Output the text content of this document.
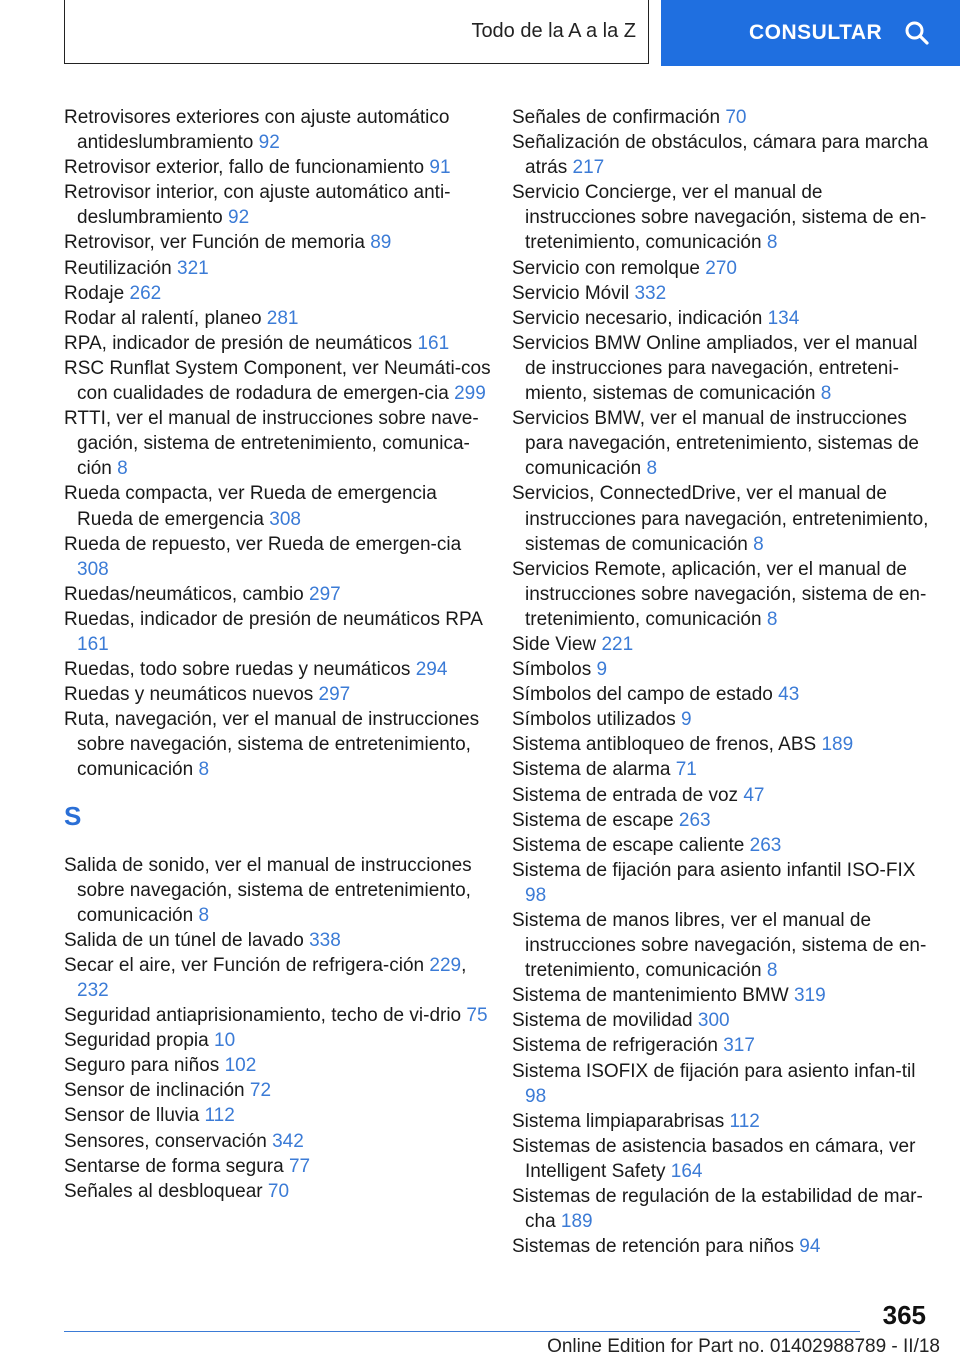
Todo de la A a la Z	CONSULTAR

Retrovisores exteriores con ajuste automático antideslumbramiento 92

Retrovisor exterior, fallo de funcionamiento 91

Retrovisor interior, con ajuste automático anti-deslumbramiento 92

Retrovisor, ver Función de memoria 89

Reutilización 321

Rodaje 262

Rodar al ralentí, planeo 281

RPA, indicador de presión de neumáticos 161

RSC Runflat System Component, ver Neumáti-cos con cualidades de rodadura de emergen-cia 299

RTTI, ver el manual de instrucciones sobre nave-gación, sistema de entretenimiento, comunica-ción 8

Rueda compacta, ver Rueda de emergencia Rueda de emergencia 308

Rueda de repuesto, ver Rueda de emergen-cia 308

Ruedas/neumáticos, cambio 297

Ruedas, indicador de presión de neumáticos RPA 161

Ruedas, todo sobre ruedas y neumáticos 294

Ruedas y neumáticos nuevos 297

Ruta, navegación, ver el manual de instrucciones sobre navegación, sistema de entretenimiento, comunicación 8

S

Salida de sonido, ver el manual de instrucciones sobre navegación, sistema de entretenimiento, comunicación 8

Salida de un túnel de lavado 338

Secar el aire, ver Función de refrigera-ción 229, 232

Seguridad antiaprisionamiento, techo de vi-drio 75

Seguridad propia 10

Seguro para niños 102

Sensor de inclinación 72

Sensor de lluvia 112

Sensores, conservación 342

Sentarse de forma segura 77

Señales al desbloquear 70

Señales de confirmación 70

Señalización de obstáculos, cámara para marcha atrás 217

Servicio Concierge, ver el manual de instrucciones sobre navegación, sistema de en-tretenimiento, comunicación 8

Servicio con remolque 270

Servicio Móvil 332

Servicio necesario, indicación 134

Servicios BMW Online ampliados, ver el manual de instrucciones para navegación, entreteni-miento, sistemas de comunicación 8

Servicios BMW, ver el manual de instrucciones para navegación, entretenimiento, sistemas de comunicación 8

Servicios, ConnectedDrive, ver el manual de instrucciones para navegación, entretenimiento, sistemas de comunicación 8

Servicios Remote, aplicación, ver el manual de instrucciones sobre navegación, sistema de en-tretenimiento, comunicación 8

Side View 221

Símbolos 9

Símbolos del campo de estado 43

Símbolos utilizados 9

Sistema antibloqueo de frenos, ABS 189

Sistema de alarma 71

Sistema de entrada de voz 47

Sistema de escape 263

Sistema de escape caliente 263

Sistema de fijación para asiento infantil ISO-FIX 98

Sistema de manos libres, ver el manual de instrucciones sobre navegación, sistema de en-tretenimiento, comunicación 8

Sistema de mantenimiento BMW 319

Sistema de movilidad 300

Sistema de refrigeración 317

Sistema ISOFIX de fijación para asiento infan-til 98

Sistema limpiaparabrisas 112

Sistemas de asistencia basados en cámara, ver Intelligent Safety 164

Sistemas de regulación de la estabilidad de mar-cha 189

Sistemas de retención para niños 94

365
Online Edition for Part no. 01402988789 - II/18
